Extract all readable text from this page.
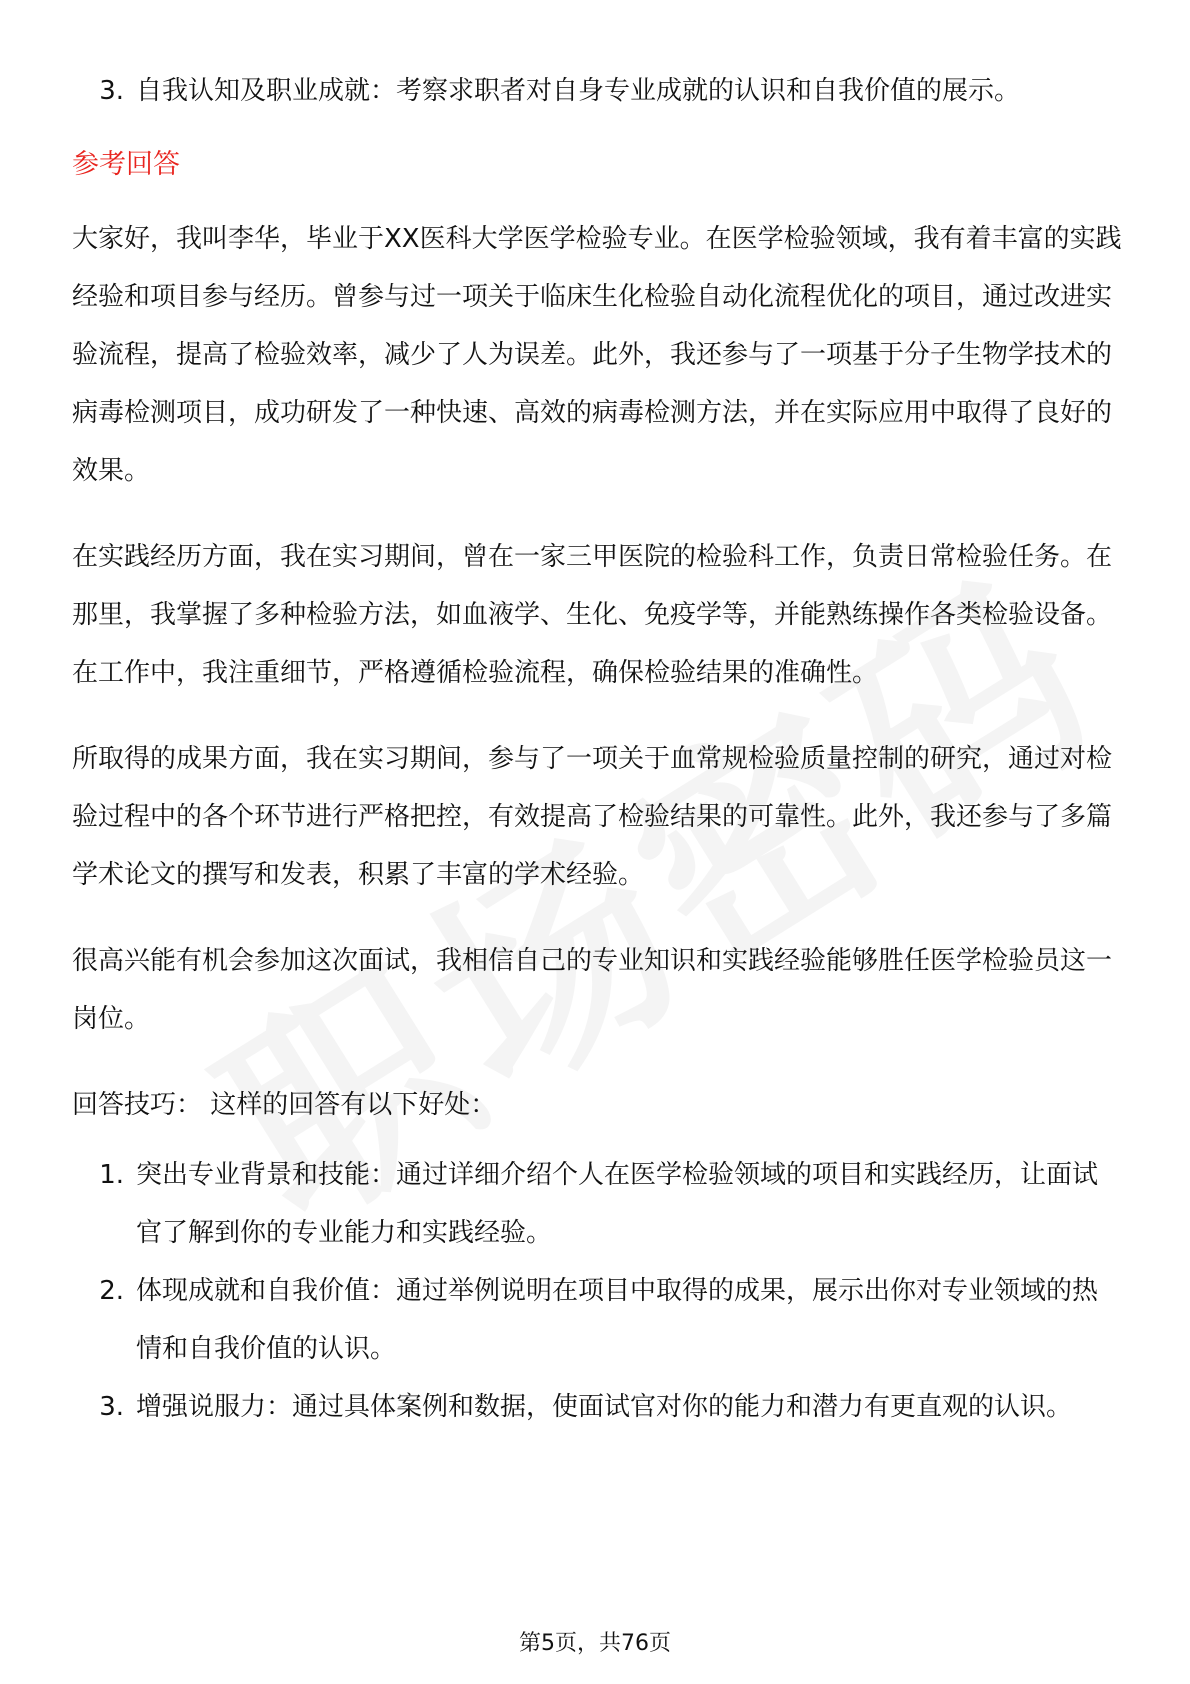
3. 自我认知及职业成就：考察求职者对自身专业成就的认识和自我价值的展示。
参考回答

大家好，我叫李华，毕业于XX医科大学医学检验专业。在医学检验领域，我有着丰富的实践经验和项目参与经历。曾参与过一项关于临床生化检验自动化流程优化的项目，通过改进实验流程，提高了检验效率，减少了人为误差。此外，我还参与了一项基于分子生物学技术的病毒检测项目，成功研发了一种快速、高效的病毒检测方法，并在实际应用中取得了良好的效果。

在实践经历方面，我在实习期间，曾在一家三甲医院的检验科工作，负责日常检验任务。在那里，我掌握了多种检验方法，如血液学、生化、免疫学等，并能熟练操作各类检验设备。在工作中，我注重细节，严格遵循检验流程，确保检验结果的准确性。

所取得的成果方面，我在实习期间，参与了一项关于血常规检验质量控制的研究，通过对检验过程中的各个环节进行严格把控，有效提高了检验结果的可靠性。此外，我还参与了多篇学术论文的撰写和发表，积累了丰富的学术经验。

很高兴能有机会参加这次面试，我相信自己的专业知识和实践经验能够胜任医学检验员这一岗位。

回答技巧： 这样的回答有以下好处：

1. 突出专业背景和技能：通过详细介绍个人在医学检验领域的项目和实践经历，让面试官了解到你的专业能力和实践经验。
2. 体现成就和自我价值：通过举例说明在项目中取得的成果，展示出你对专业领域的热情和自我价值的认识。
3. 增强说服力：通过具体案例和数据，使面试官对你的能力和潜力有更直观的认识。
第5页，共76页
